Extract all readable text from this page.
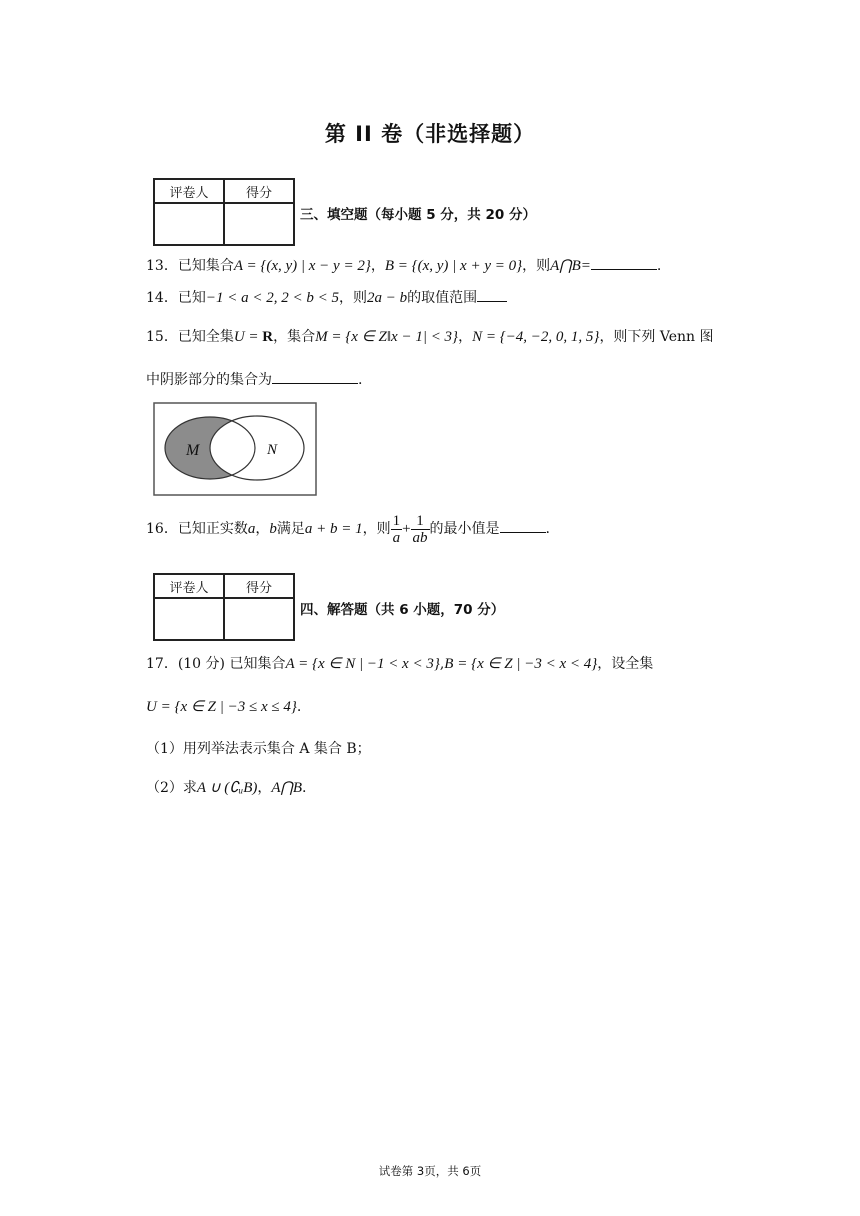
第 II 卷（非选择题）
评卷人	得分

三、填空题（每小题 5 分，共 20 分）
13．已知集合A = {(x, y) | x − y = 2}，B = {(x, y) | x + y = 0}，则A⋂B=	.
14．已知−1 < a < 2, 2 < b < 5，则2a − b的取值范围
15．已知全集U = R，集合M = {x ∈ Z‖x − 1| < 3}，N = {−4, −2, 0, 1, 5}，则下列 Venn 图
中阴影部分的集合为	.
M	N
16．已知正实数a，b满足a + b = 1，则 $\frac{1}{a} + \frac{1}{ab}$ 的最小值是	.
评卷人	得分

四、解答题（共 6 小题，70 分）
17．(10 分) 已知集合A = {x ∈ N | −1 < x < 3},B = {x ∈ Z | −3 < x < 4}，设全集
U = {x ∈ Z | −3 ≤ x ≤ 4}.
（1）用列举法表示集合 A 集合 B；
（2）求A ∪ (∁ᵤB)，A⋂B.
试卷第 3页，共 6页
